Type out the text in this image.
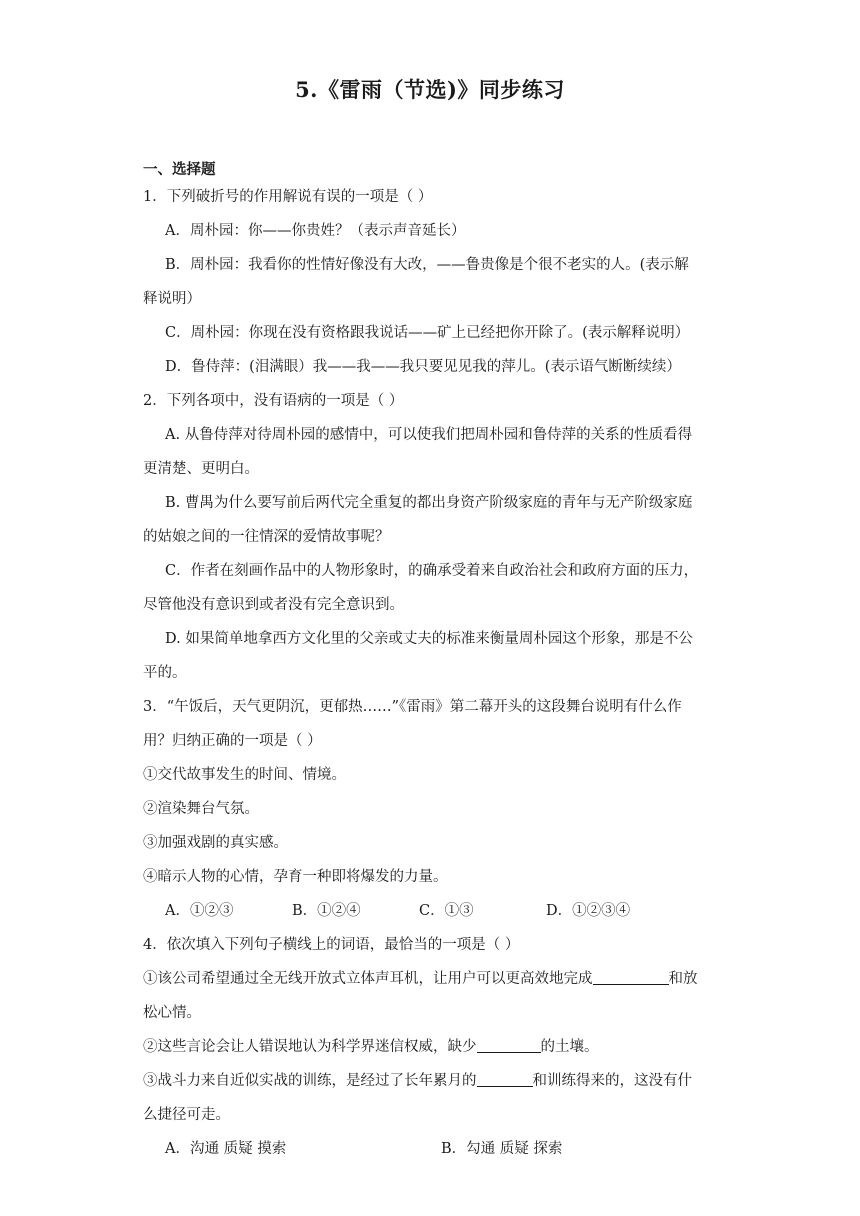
5.《雷雨（节选)》同步练习
一、选择题
1．下列破折号的作用解说有误的一项是（ ）
A．周朴园：你——你贵姓？（表示声音延长）
B．周朴园：我看你的性情好像没有大改，——鲁贵像是个很不老实的人。(表示解
释说明）
C．周朴园：你现在没有资格跟我说话——矿上已经把你开除了。(表示解释说明）
D．鲁侍萍：(泪满眼）我——我——我只要见见我的萍儿。(表示语气断断续续）
2．下列各项中，没有语病的一项是（ ）
A. 从鲁侍萍对待周朴园的感情中，可以使我们把周朴园和鲁侍萍的关系的性质看得
更清楚、更明白。
B. 曹禺为什么要写前后两代完全重复的都出身资产阶级家庭的青年与无产阶级家庭
的姑娘之间的一往情深的爱情故事呢？
C．作者在刻画作品中的人物形象时，的确承受着来自政治社会和政府方面的压力，
尽管他没有意识到或者没有完全意识到。
D. 如果简单地拿西方文化里的父亲或丈夫的标准来衡量周朴园这个形象，那是不公
平的。
3．“午饭后，天气更阴沉，更郁热……”《雷雨》第二幕开头的这段舞台说明有什么作
用？归纳正确的一项是（ ）
①交代故事发生的时间、情境。
②渲染舞台气氛。
③加强戏剧的真实感。
④暗示人物的心情，孕育一种即将爆发的力量。
A．①②③	B．①②④	C．①③	D．①②③④
4．依次填入下列句子横线上的词语，最恰当的一项是（ ）
①该公司希望通过全无线开放式立体声耳机，让用户可以更高效地完成	和放
松心情。
②这些言论会让人错误地认为科学界迷信权威，缺少	的土壤。
③战斗力来自近似实战的训练，是经过了长年累月的	和训练得来的，这没有什
么捷径可走。
A．沟通 质疑 摸索	B．勾通 质疑 探索
